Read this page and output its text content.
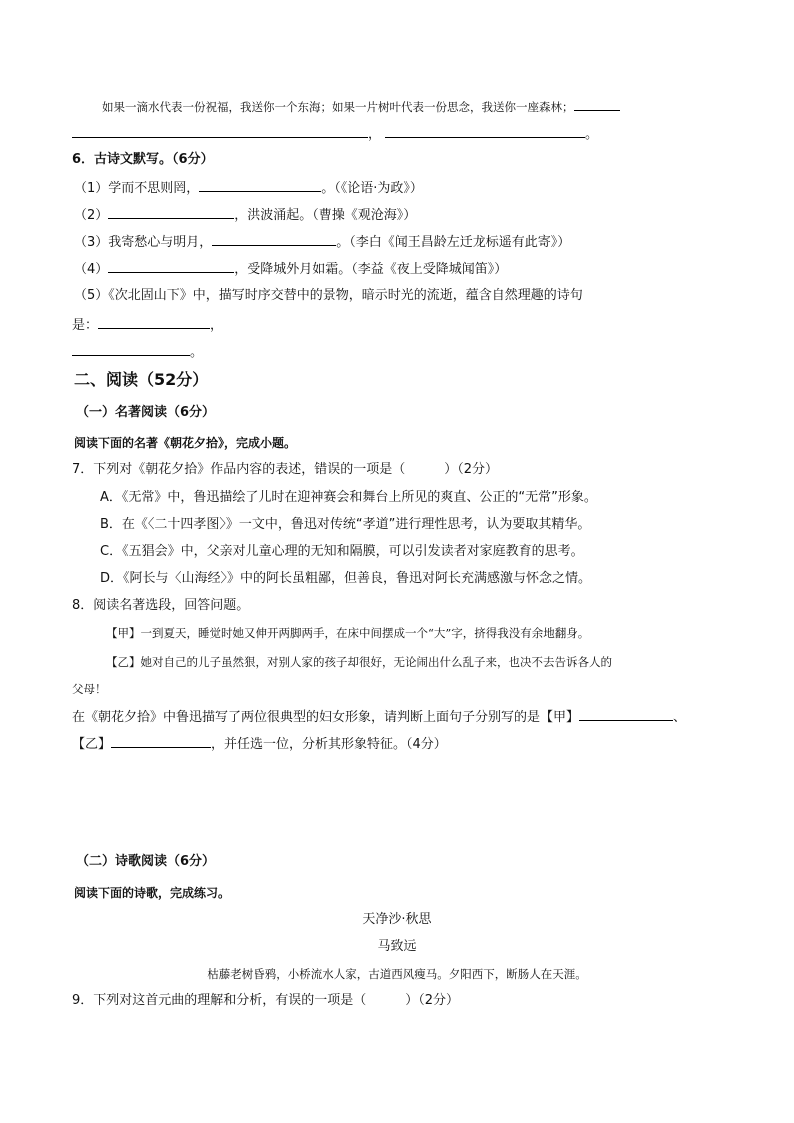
如果一滴水代表一份祝福，我送你一个东海；如果一片树叶代表一份思念，我送你一座森林；
，	。
6．古诗文默写。（6分）
（1）学而不思则罔，	。（《论语·为政》）
（2）	，洪波涌起。（曹操《观沧海》）
（3）我寄愁心与明月，	。（李白《闻王昌龄左迁龙标遥有此寄》）
（4）	，受降城外月如霜。（李益《夜上受降城闻笛》）
（5）《次北固山下》中，描写时序交替中的景物，暗示时光的流逝，蕴含自然理趣的诗句
是：	，
。
二、阅读（52分）
（一）名著阅读（6分）
阅读下面的名著《朝花夕拾》，完成小题。
7．下列对《朝花夕拾》作品内容的表述，错误的一项是（　　　）（2分）
A．《无常》中，鲁迅描绘了儿时在迎神赛会和舞台上所见的爽直、公正的“无常”形象。
B．在《〈二十四孝图〉》一文中，鲁迅对传统“孝道”进行理性思考，认为要取其精华。
C．《五猖会》中，父亲对儿童心理的无知和隔膜，可以引发读者对家庭教育的思考。
D．《阿长与〈山海经〉》中的阿长虽粗鄙，但善良，鲁迅对阿长充满感激与怀念之情。
8．阅读名著选段，回答问题。
【甲】一到夏天，睡觉时她又伸开两脚两手，在床中间摆成一个“大”字，挤得我没有余地翻身。
【乙】她对自己的儿子虽然狠，对别人家的孩子却很好，无论闹出什么乱子来，也决不去告诉各人的
父母！
在《朝花夕拾》中鲁迅描写了两位很典型的妇女形象，请判断上面句子分别写的是【甲】	、
【乙】	，并任选一位，分析其形象特征。（4分）
（二）诗歌阅读（6分）
阅读下面的诗歌，完成练习。
天净沙·秋思
马致远
枯藤老树昏鸦，小桥流水人家，古道西风瘦马。夕阳西下，断肠人在天涯。
9．下列对这首元曲的理解和分析，有误的一项是（　　　）（2分）
